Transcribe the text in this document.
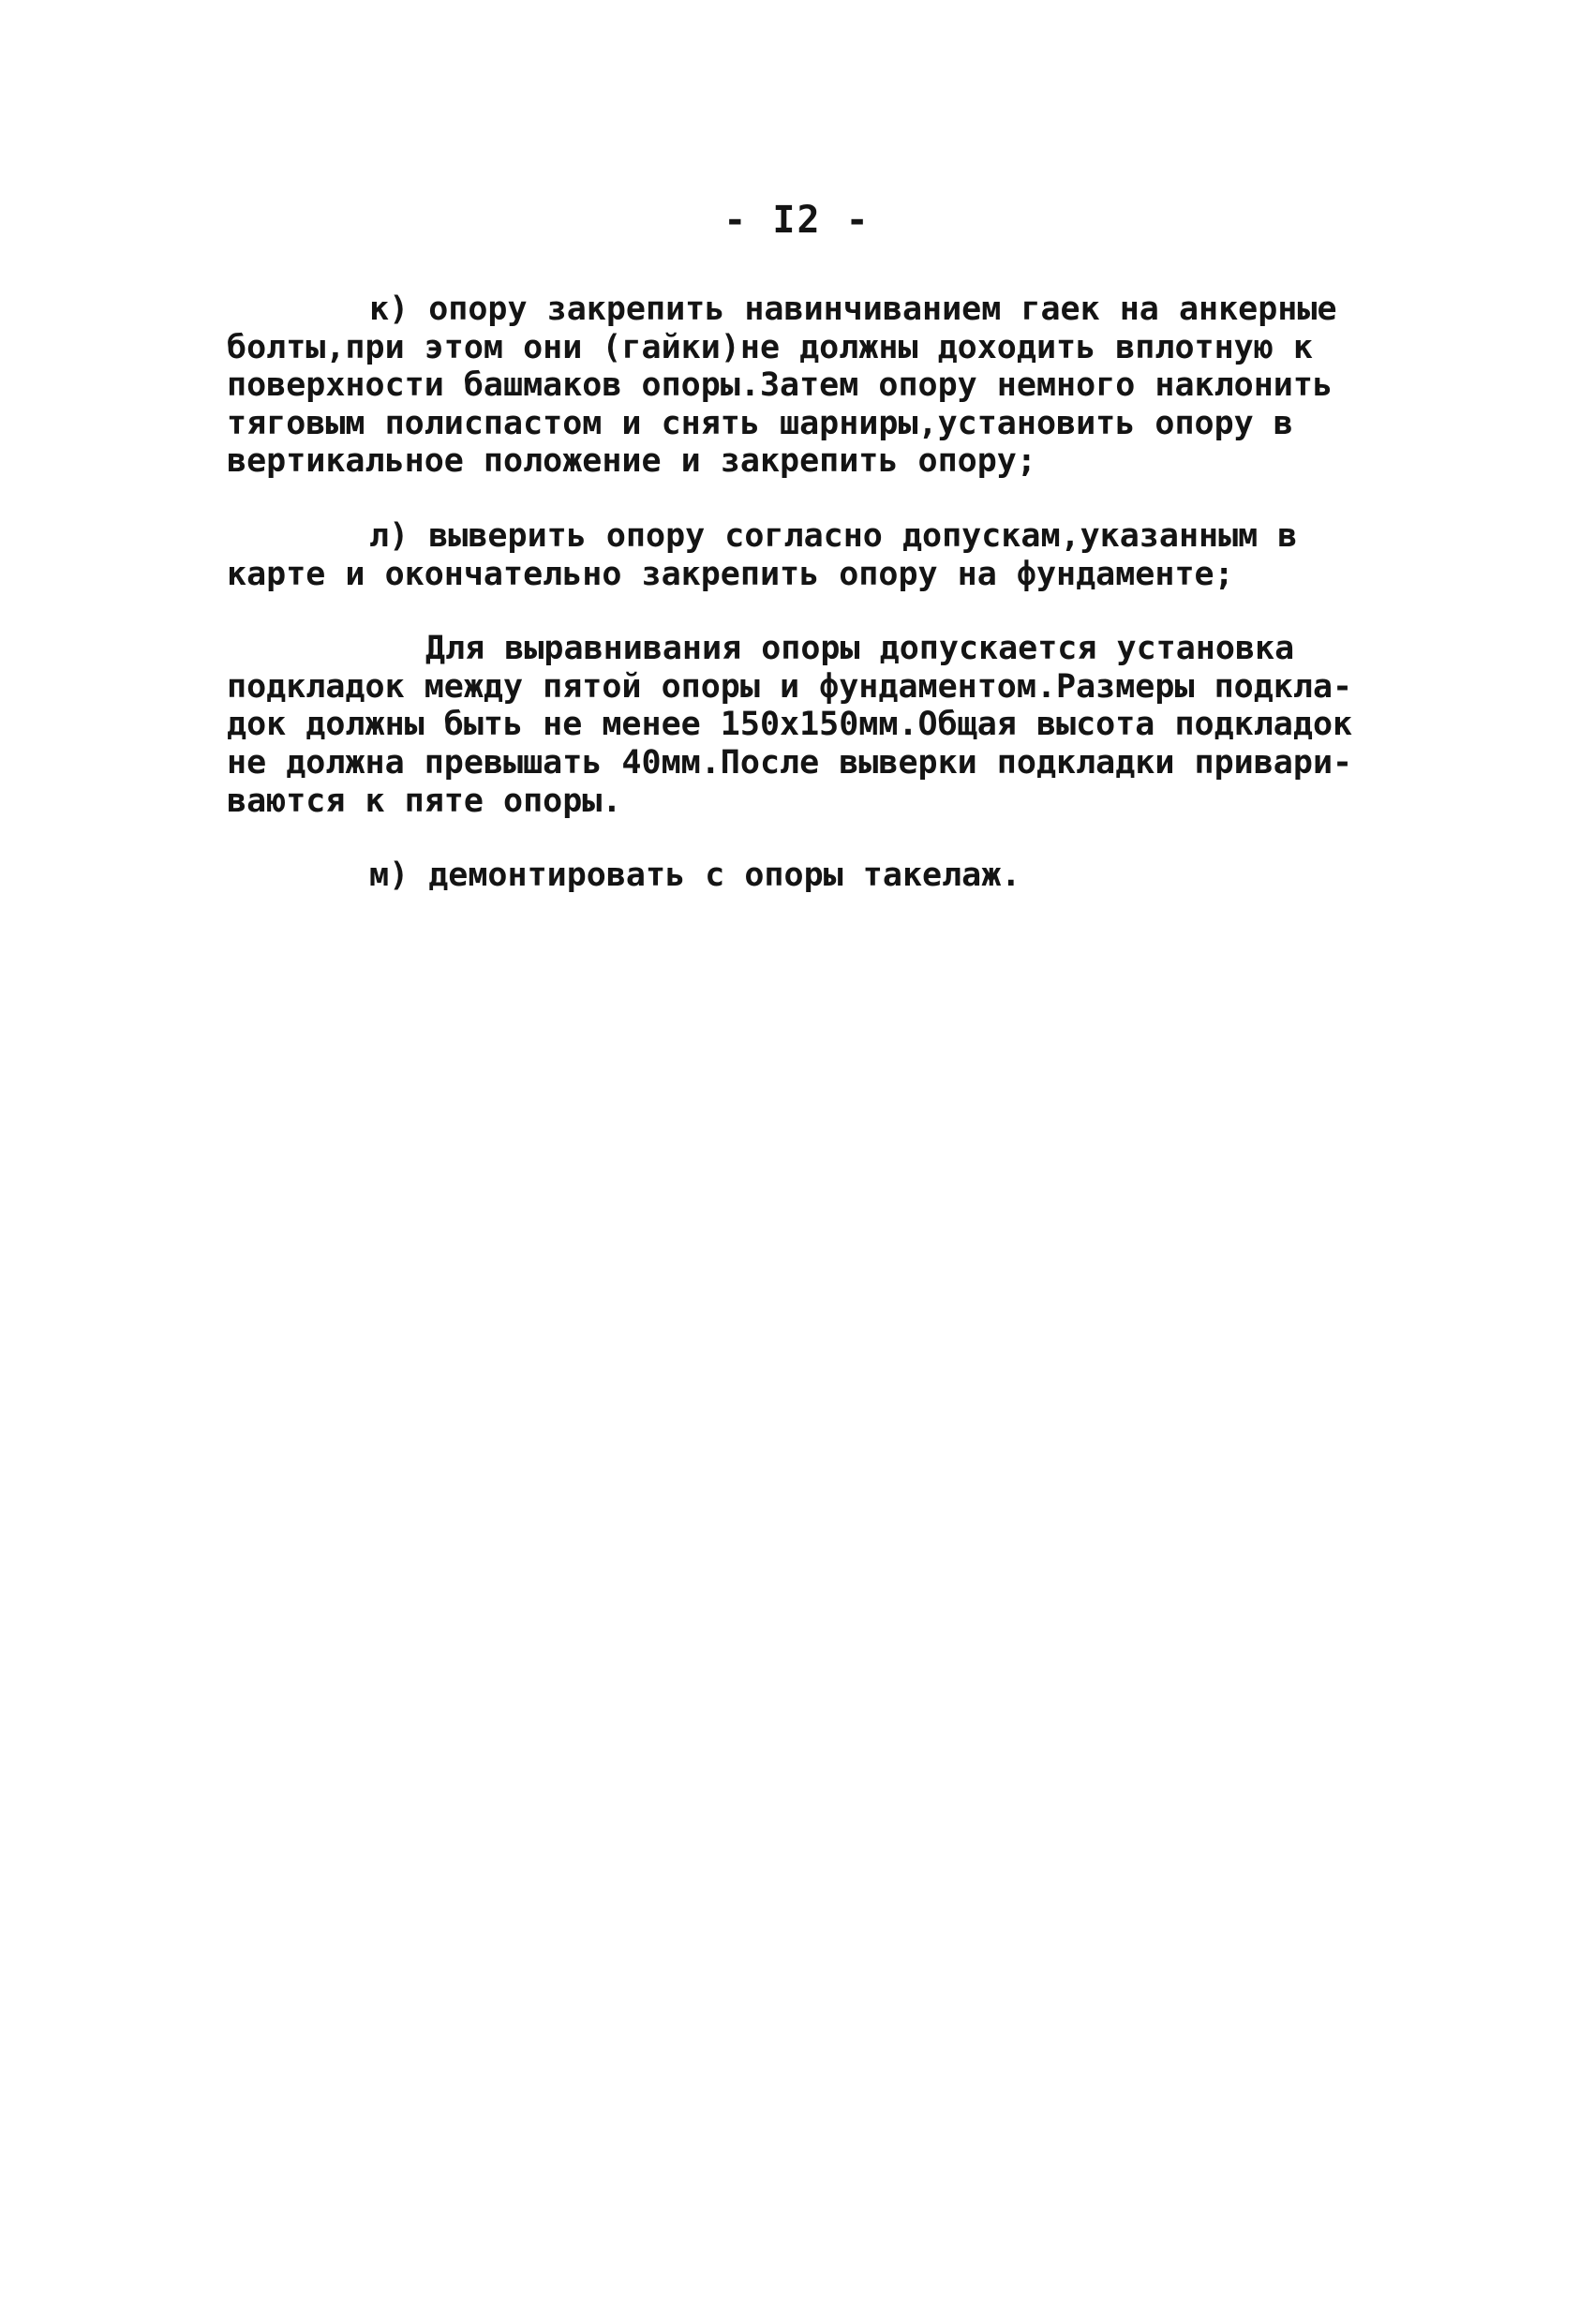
- I2 -
к) опору закрепить навинчиванием гаек на анкерные
болты,при этом они (гайки)не должны доходить вплотную к
поверхности башмаков опоры.Затем опору немного наклонить
тяговым полиспастом и снять шарниры,установить опору в
вертикальное положение и закрепить опору;
л) выверить опору согласно допускам,указанным в
карте и окончательно закрепить опору на фундаменте;
Для выравнивания опоры допускается установка
подкладок между пятой опоры и фундаментом.Размеры подкла-
док должны быть не менее 150х150мм.Общая высота подкладок
не должна превышать 40мм.После выверки подкладки привари-
ваются к пяте опоры.
м) демонтировать с опоры такелаж.
